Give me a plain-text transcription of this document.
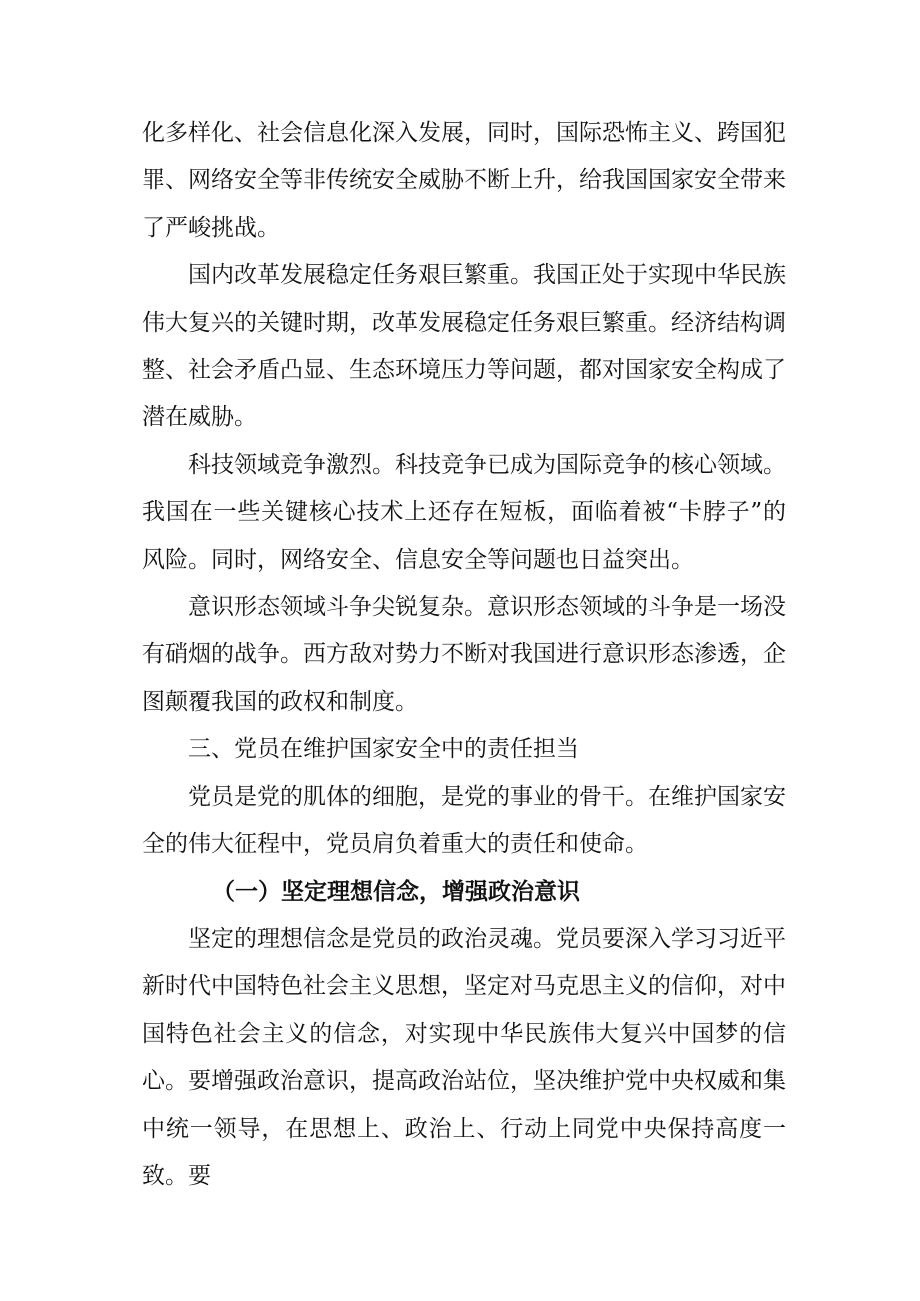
化多样化、社会信息化深入发展，同时，国际恐怖主义、跨国犯罪、网络安全等非传统安全威胁不断上升，给我国国家安全带来了严峻挑战。

国内改革发展稳定任务艰巨繁重。我国正处于实现中华民族伟大复兴的关键时期，改革发展稳定任务艰巨繁重。经济结构调整、社会矛盾凸显、生态环境压力等问题，都对国家安全构成了潜在威胁。

科技领域竞争激烈。科技竞争已成为国际竞争的核心领域。我国在一些关键核心技术上还存在短板，面临着被“卡脖子”的风险。同时，网络安全、信息安全等问题也日益突出。

意识形态领域斗争尖锐复杂。意识形态领域的斗争是一场没有硝烟的战争。西方敌对势力不断对我国进行意识形态渗透，企图颠覆我国的政权和制度。

三、党员在维护国家安全中的责任担当

党员是党的肌体的细胞，是党的事业的骨干。在维护国家安全的伟大征程中，党员肩负着重大的责任和使命。

（一）坚定理想信念，增强政治意识

坚定的理想信念是党员的政治灵魂。党员要深入学习习近平新时代中国特色社会主义思想，坚定对马克思主义的信仰，对中国特色社会主义的信念，对实现中华民族伟大复兴中国梦的信心。要增强政治意识，提高政治站位，坚决维护党中央权威和集中统一领导，在思想上、政治上、行动上同党中央保持高度一致。要
